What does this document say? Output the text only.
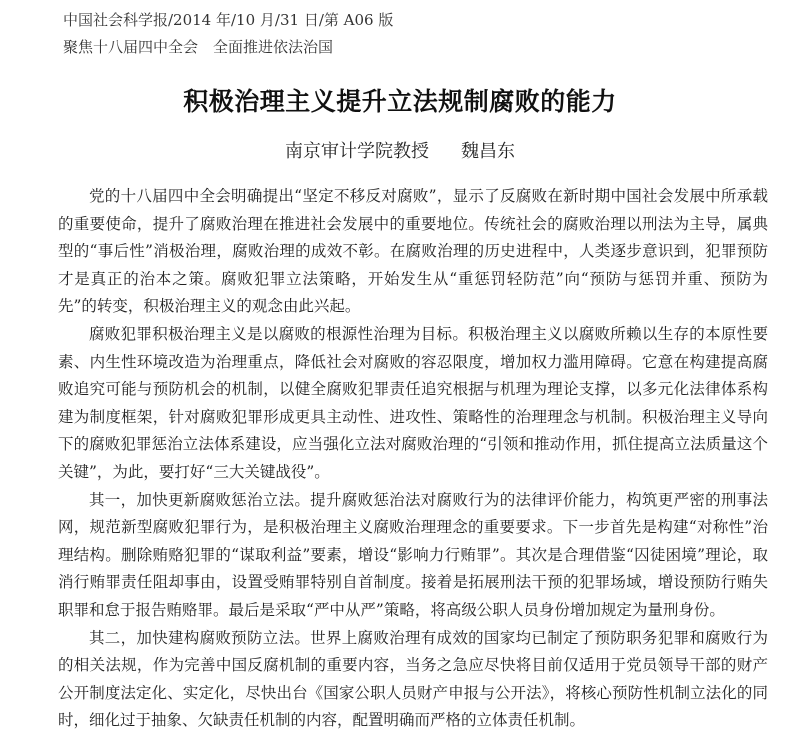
中国社会科学报/2014 年/10 月/31 日/第 A06 版
聚焦十八届四中全会　全面推进依法治国
积极治理主义提升立法规制腐败的能力
南京审计学院教授 魏昌东

党的十八届四中全会明确提出“坚定不移反对腐败”，显示了反腐败在新时期中国社会发展中所承载的重要使命，提升了腐败治理在推进社会发展中的重要地位。传统社会的腐败治理以刑法为主导，属典型的“事后性”消极治理，腐败治理的成效不彰。在腐败治理的历史进程中，人类逐步意识到，犯罪预防才是真正的治本之策。腐败犯罪立法策略，开始发生从“重惩罚轻防范”向“预防与惩罚并重、预防为先”的转变，积极治理主义的观念由此兴起。

腐败犯罪积极治理主义是以腐败的根源性治理为目标。积极治理主义以腐败所赖以生存的本原性要素、内生性环境改造为治理重点，降低社会对腐败的容忍限度，增加权力滥用障碍。它意在构建提高腐败追究可能与预防机会的机制，以健全腐败犯罪责任追究根据与机理为理论支撑，以多元化法律体系构建为制度框架，针对腐败犯罪形成更具主动性、进攻性、策略性的治理理念与机制。积极治理主义导向下的腐败犯罪惩治立法体系建设，应当强化立法对腐败治理的“引领和推动作用，抓住提高立法质量这个关键”，为此，要打好“三大关键战役”。

其一，加快更新腐败惩治立法。提升腐败惩治法对腐败行为的法律评价能力，构筑更严密的刑事法网，规范新型腐败犯罪行为，是积极治理主义腐败治理理念的重要要求。下一步首先是构建“对称性”治理结构。删除贿赂犯罪的“谋取利益”要素，增设“影响力行贿罪”。其次是合理借鉴“囚徒困境”理论，取消行贿罪责任阻却事由，设置受贿罪特别自首制度。接着是拓展刑法干预的犯罪场域，增设预防行贿失职罪和怠于报告贿赂罪。最后是采取“严中从严”策略，将高级公职人员身份增加规定为量刑身份。

其二，加快建构腐败预防立法。世界上腐败治理有成效的国家均已制定了预防职务犯罪和腐败行为的相关法规，作为完善中国反腐机制的重要内容，当务之急应尽快将目前仅适用于党员领导干部的财产公开制度法定化、实定化，尽快出台《国家公职人员财产申报与公开法》，将核心预防性机制立法化的同时，细化过于抽象、欠缺责任机制的内容，配置明确而严格的立体责任机制。
